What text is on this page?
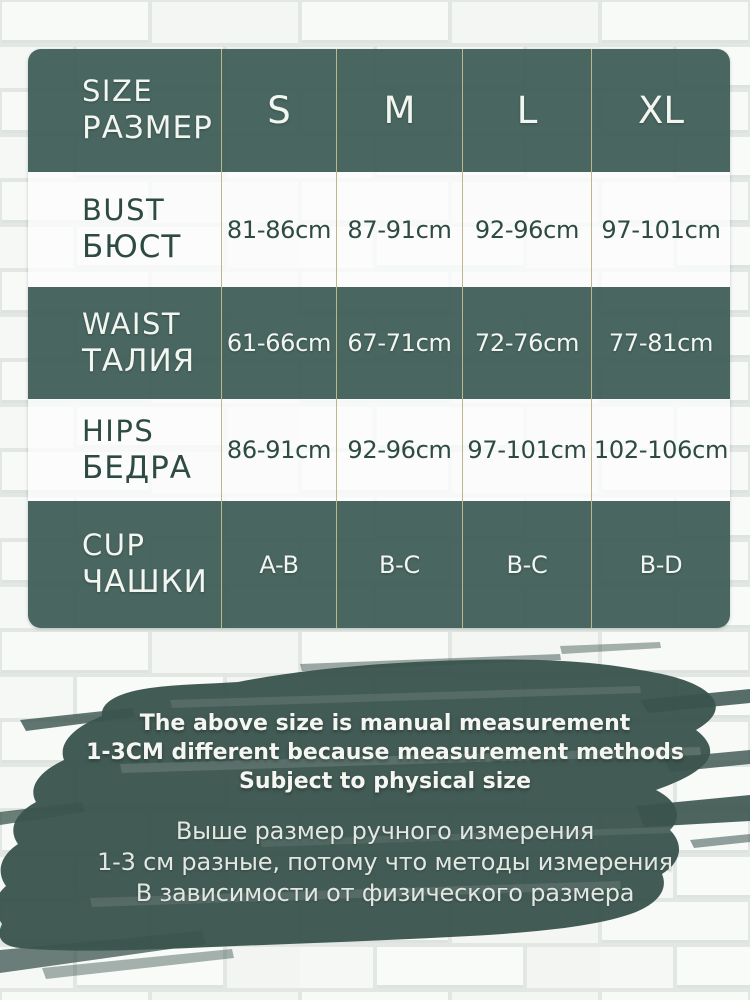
SIZE
РАЗМЕР S	M	L	XL
BUST
БЮСТ 81-86cm 87-91cm 92-96cm 97-101cm
WAIST
ТАЛИЯ 61-66cm 67-71cm 72-76cm 77-81cm
HIPS
БЕДРА 86-91cm 92-96cm 97-101cm 102-106cm
CUP
ЧАШКИ A-B	B-C	B-C	B-D

The above size is manual measurement

1-3CM different because measurement methods

Subject to physical size

Выше размер ручного измерения

1-3 см разные, потому что методы измерения

В зависимости от физического размера
